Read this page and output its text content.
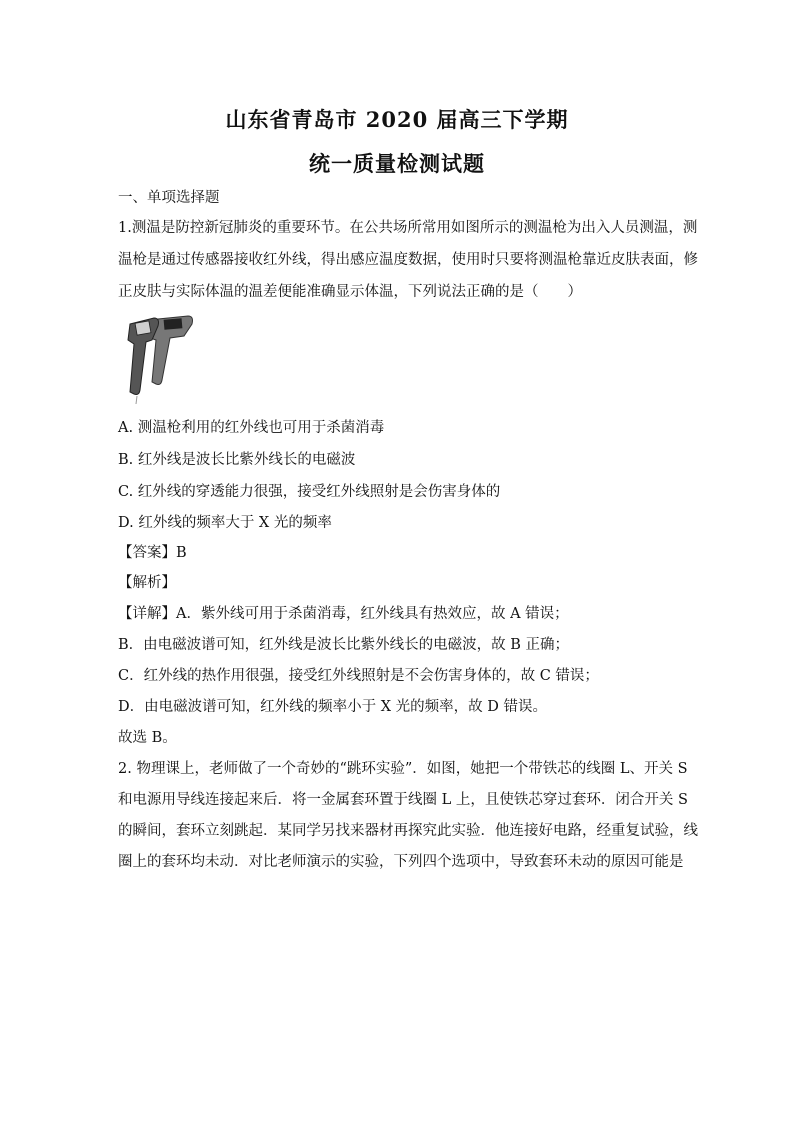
山东省青岛市 2020 届高三下学期
统一质量检测试题
一、单项选择题
1.测温是防控新冠肺炎的重要环节。在公共场所常用如图所示的测温枪为出入人员测温，测
温枪是通过传感器接收红外线，得出感应温度数据，使用时只要将测温枪靠近皮肤表面，修
正皮肤与实际体温的温差便能准确显示体温，下列说法正确的是（　　）
A. 测温枪利用的红外线也可用于杀菌消毒
B. 红外线是波长比紫外线长的电磁波
C. 红外线的穿透能力很强，接受红外线照射是会伤害身体的
D. 红外线的频率大于 X 光的频率
【答案】B
【解析】
【详解】A．紫外线可用于杀菌消毒，红外线具有热效应，故 A 错误；
B．由电磁波谱可知，红外线是波长比紫外线长的电磁波，故 B 正确；
C．红外线的热作用很强，接受红外线照射是不会伤害身体的，故 C 错误；
D．由电磁波谱可知，红外线的频率小于 X 光的频率，故 D 错误。
故选 B。
2. 物理课上，老师做了一个奇妙的“跳环实验”．如图，她把一个带铁芯的线圈 L、开关 S
和电源用导线连接起来后．将一金属套环置于线圈 L 上，且使铁芯穿过套环．闭合开关 S
的瞬间，套环立刻跳起．某同学另找来器材再探究此实验．他连接好电路，经重复试验，线
圈上的套环均未动．对比老师演示的实验，下列四个选项中，导致套环未动的原因可能是
